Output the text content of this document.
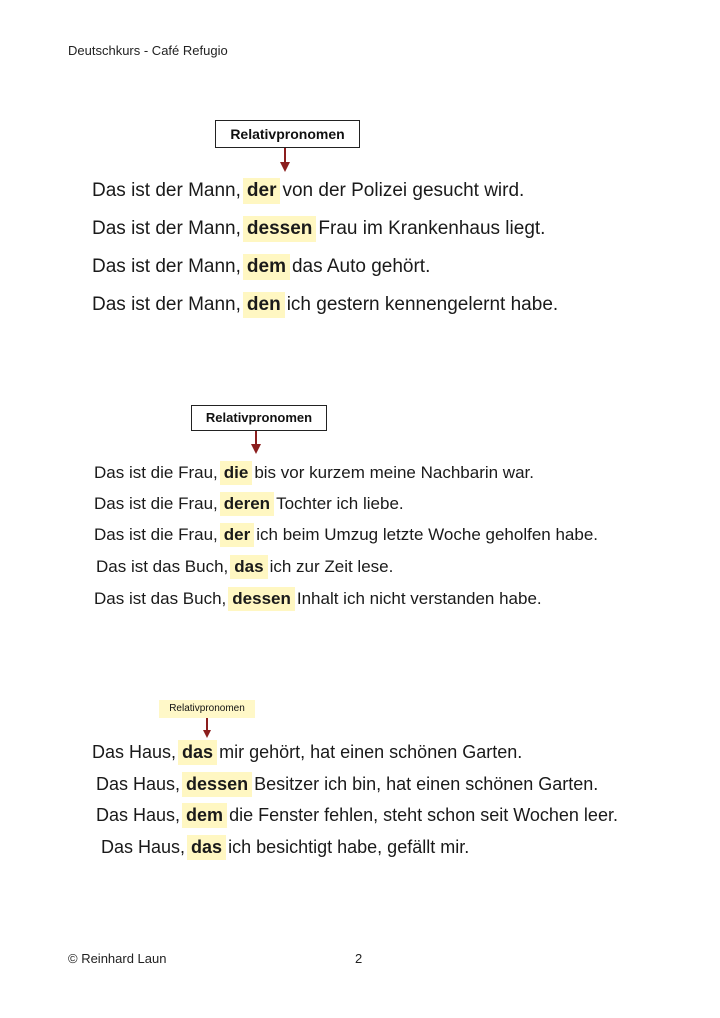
Deutschkurs - Café Refugio
Relativpronomen
Das ist der Mann, der von der Polizei gesucht wird.
Das ist der Mann, dessen Frau im Krankenhaus liegt.
Das ist der Mann, dem das Auto gehört.
Das ist der Mann, den ich gestern kennengelernt habe.
Relativpronomen
Das ist die Frau, die bis vor kurzem meine Nachbarin war.
Das ist die Frau, deren Tochter ich liebe.
Das ist die Frau, der ich beim Umzug letzte Woche geholfen habe.
Das ist das Buch, das ich zur Zeit lese.
Das ist das Buch, dessen Inhalt ich nicht verstanden habe.
Relativpronomen
Das Haus, das mir gehört, hat einen schönen Garten.
Das Haus, dessen Besitzer ich bin, hat einen schönen Garten.
Das Haus, dem die Fenster fehlen, steht schon seit Wochen leer.
Das Haus, das ich besichtigt habe, gefällt mir.
© Reinhard Laun	2
